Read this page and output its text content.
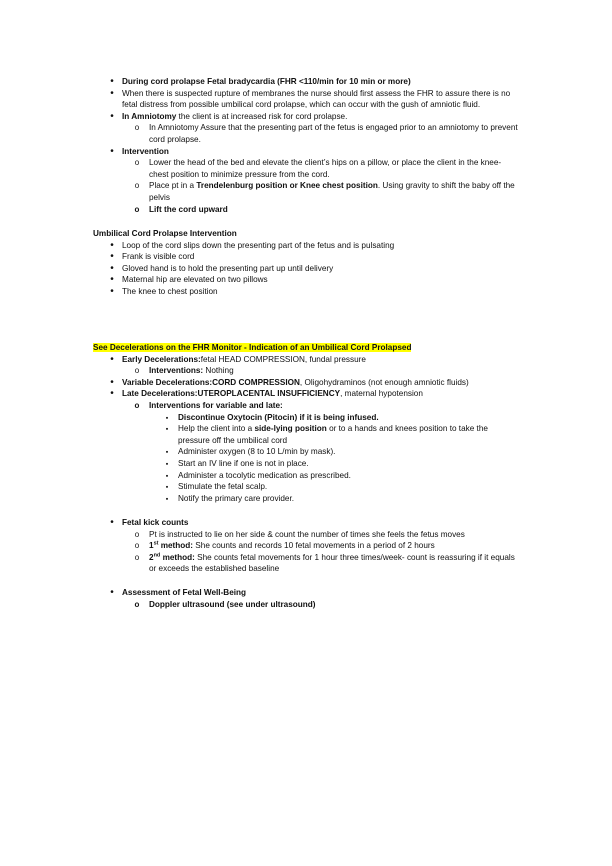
•
During cord prolapse Fetal bradycardia (FHR <110/min for 10 min or more)
•
When there is suspected rupture of membranes the nurse should first assess the FHR to assure there is no fetal distress from possible umbilical cord prolapse, which can occur with the gush of amniotic fluid.
•
In Amniotomy the client is at increased risk for cord prolapse.
o
In Amniotomy Assure that the presenting part of the fetus is engaged prior to an amniotomy to prevent cord prolapse.
•
Intervention
o
Lower the head of the bed and elevate the client’s hips on a pillow, or place the client in the knee-chest position to minimize pressure from the cord.
o
Place pt in a Trendelenburg position or Knee chest position. Using gravity to shift the baby off the pelvis
o
Lift the cord upward
Umbilical Cord Prolapse Intervention
•
Loop of the cord slips down the presenting part of the fetus and is pulsating
•
Frank is visible cord
•
Gloved hand is to hold the presenting part up until delivery
•
Maternal hip are elevated on two pillows
•
The knee to chest position
See Decelerations on the FHR Monitor - Indication of an Umbilical Cord Prolapsed
•
Early Decelerations:fetal HEAD COMPRESSION, fundal pressure
o
Interventions: Nothing
•
Variable Decelerations:CORD COMPRESSION, Oligohydraminos (not enough amniotic fluids)
•
Late Decelerations:UTEROPLACENTAL INSUFFICIENCY, maternal hypotension
o
Interventions for variable and late:
▪
Discontinue Oxytocin (Pitocin) if it is being infused.
▪
Help the client into a side-lying position or to a hands and knees position to take the pressure off the umbilical cord
▪
Administer oxygen (8 to 10 L/min by mask).
▪
Start an IV line if one is not in place.
▪
Administer a tocolytic medication as prescribed.
▪
Stimulate the fetal scalp.
▪
Notify the primary care provider.
•
Fetal kick counts
o
Pt is instructed to lie on her side & count the number of times she feels the fetus moves
o
1st method: She counts and records 10 fetal movements in a period of 2 hours
o
2nd method: She counts fetal movements for 1 hour three times/week- count is reassuring if it equals or exceeds the established baseline
•
Assessment of Fetal Well-Being
o
Doppler ultrasound (see under ultrasound)
